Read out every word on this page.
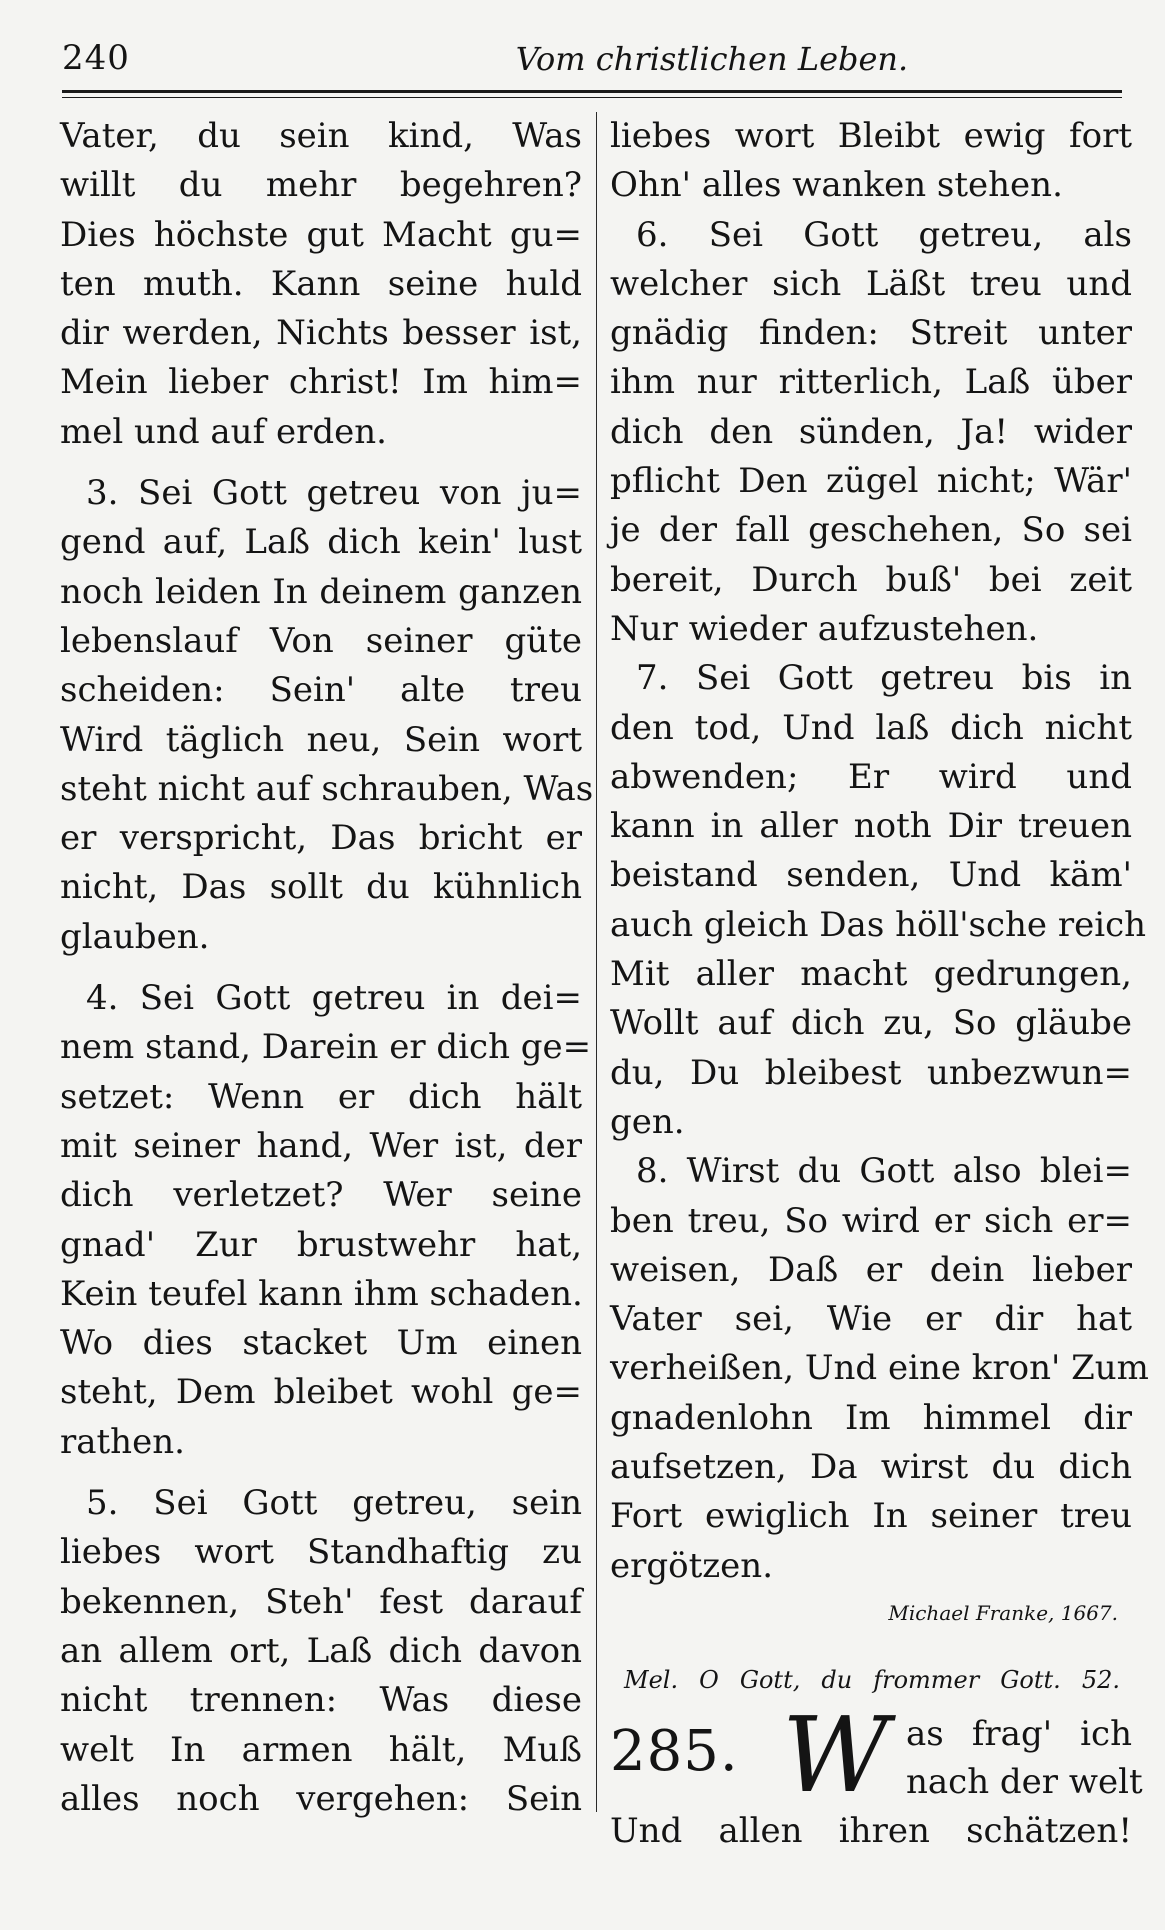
240	Vom christlichen Leben.
Vater, du sein kind, Was
willt du mehr begehren?
Dies höchste gut Macht gu=
ten muth. Kann seine huld
dir werden, Nichts besser ist,
Mein lieber christ! Im him=
mel und auf erden.
3. Sei Gott getreu von ju=
gend auf, Laß dich kein' lust
noch leiden In deinem ganzen
lebenslauf Von seiner güte
scheiden: Sein' alte treu
Wird täglich neu, Sein wort
steht nicht auf schrauben, Was
er verspricht, Das bricht er
nicht, Das sollt du kühnlich
glauben.
4. Sei Gott getreu in dei=
nem stand, Darein er dich ge=
setzet: Wenn er dich hält
mit seiner hand, Wer ist, der
dich verletzet? Wer seine
gnad' Zur brustwehr hat,
Kein teufel kann ihm schaden.
Wo dies stacket Um einen
steht, Dem bleibet wohl ge=
rathen.
5. Sei Gott getreu, sein
liebes wort Standhaftig zu
bekennen, Steh' fest darauf
an allem ort, Laß dich davon
nicht trennen: Was diese
welt In armen hält, Muß
alles noch vergehen: Sein
liebes wort Bleibt ewig fort
Ohn' alles wanken stehen.
6. Sei Gott getreu, als
welcher sich Läßt treu und
gnädig finden: Streit unter
ihm nur ritterlich, Laß über
dich den sünden, Ja! wider
pflicht Den zügel nicht; Wär'
je der fall geschehen, So sei
bereit, Durch buß' bei zeit
Nur wieder aufzustehen.
7. Sei Gott getreu bis in
den tod, Und laß dich nicht
abwenden; Er wird und
kann in aller noth Dir treuen
beistand senden, Und käm'
auch gleich Das höll'sche reich
Mit aller macht gedrungen,
Wollt auf dich zu, So gläube
du, Du bleibest unbezwun=
gen.
8. Wirst du Gott also blei=
ben treu, So wird er sich er=
weisen, Daß er dein lieber
Vater sei, Wie er dir hat
verheißen, Und eine kron' Zum
gnadenlohn Im himmel dir
aufsetzen, Da wirst du dich
Fort ewiglich In seiner treu
ergötzen.
Michael Franke, 1667.
Mel. O Gott, du frommer Gott. 52.
285. W as frag' ich
nach der welt
Und allen ihren schätzen!
